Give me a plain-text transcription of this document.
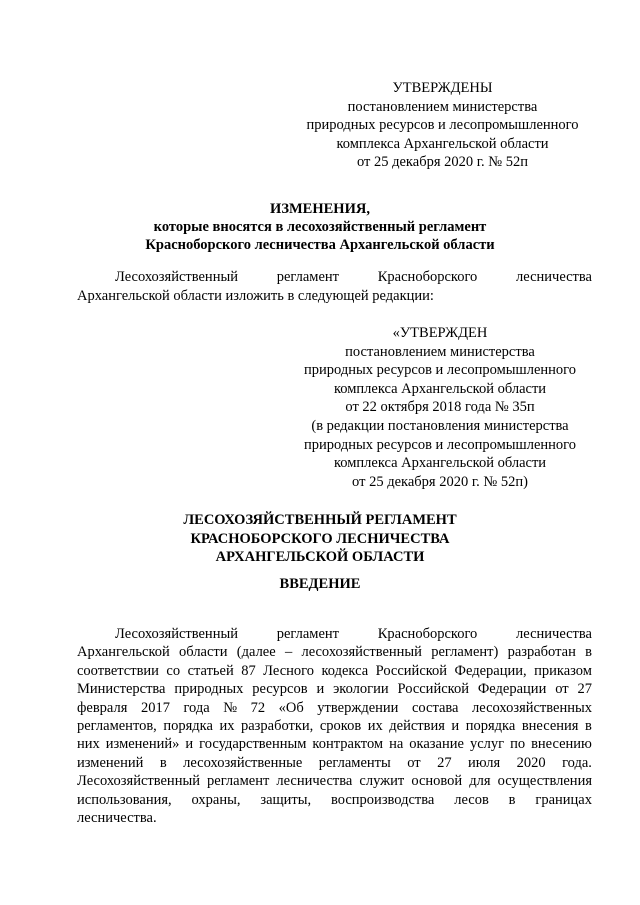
УТВЕРЖДЕНЫ
постановлением министерства
природных ресурсов и лесопромышленного
комплекса Архангельской области
от 25 декабря 2020 г. № 52п
ИЗМЕНЕНИЯ,
которые вносятся в лесохозяйственный регламент
Красноборского лесничества Архангельской области
Лесохозяйственный	регламент	Красноборского	лесничества
Архангельской области изложить в следующей редакции:
«УТВЕРЖДЕН
постановлением министерства
природных ресурсов и лесопромышленного
комплекса Архангельской области
от 22 октября 2018 года № 35п
(в редакции постановления министерства
природных ресурсов и лесопромышленного
комплекса Архангельской области
от 25 декабря 2020 г. № 52п)
ЛЕСОХОЗЯЙСТВЕННЫЙ РЕГЛАМЕНТ
КРАСНОБОРСКОГО ЛЕСНИЧЕСТВА
АРХАНГЕЛЬСКОЙ ОБЛАСТИ
ВВЕДЕНИЕ
Лесохозяйственный	регламент	Красноборского	лесничества
Архангельской области (далее – лесохозяйственный регламент) разработан в
соответствии со статьей 87 Лесного кодекса Российской Федерации, приказом
Министерства природных ресурсов и экологии Российской Федерации от 27
февраля 2017 года № 72 «Об утверждении состава лесохозяйственных
регламентов, порядка их разработки, сроков их действия и порядка внесения в
них изменений» и государственным контрактом на оказание услуг по внесению
изменений в лесохозяйственные регламенты от 27 июля 2020 года.
Лесохозяйственный регламент лесничества служит основой для осуществления
использования, охраны, защиты, воспроизводства лесов в границах
лесничества.
